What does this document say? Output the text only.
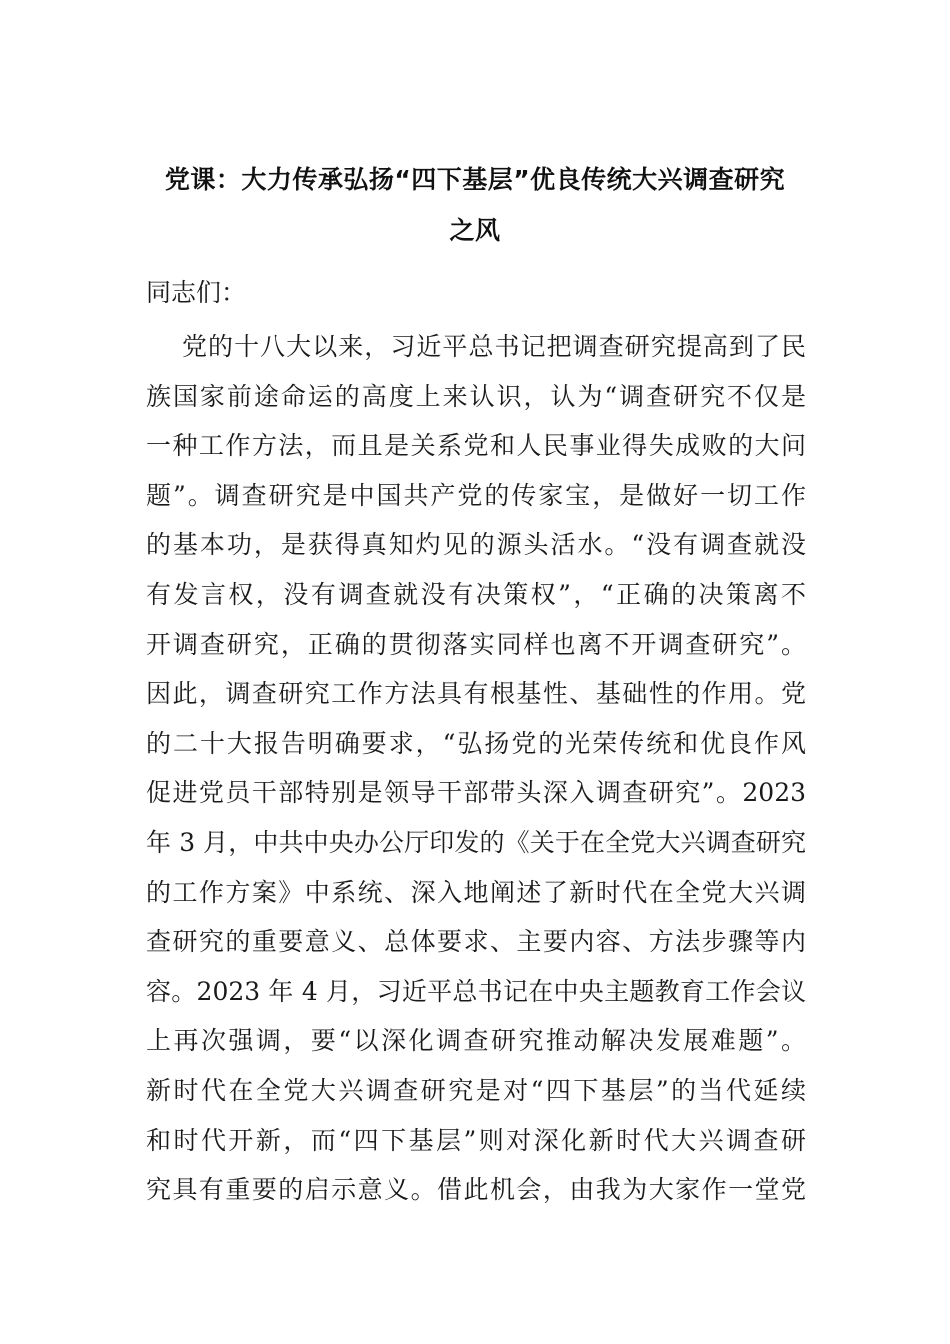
党课：大力传承弘扬“四下基层”优良传统大兴调查研究
之风
同志们：
党的十八大以来，习近平总书记把调查研究提高到了民
族国家前途命运的高度上来认识，认为“调查研究不仅是
一种工作方法，而且是关系党和人民事业得失成败的大问
题”。调查研究是中国共产党的传家宝，是做好一切工作
的基本功，是获得真知灼见的源头活水。“没有调查就没
有发言权，没有调查就没有决策权”，“正确的决策离不
开调查研究，正确的贯彻落实同样也离不开调查研究”。
因此，调查研究工作方法具有根基性、基础性的作用。党
的二十大报告明确要求，“弘扬党的光荣传统和优良作风
促进党员干部特别是领导干部带头深入调查研究”。2023
年 3 月，中共中央办公厅印发的《关于在全党大兴调查研究
的工作方案》中系统、深入地阐述了新时代在全党大兴调
查研究的重要意义、总体要求、主要内容、方法步骤等内
容。2023 年 4 月，习近平总书记在中央主题教育工作会议
上再次强调，要“以深化调查研究推动解决发展难题”。
新时代在全党大兴调查研究是对“四下基层”的当代延续
和时代开新，而“四下基层”则对深化新时代大兴调查研
究具有重要的启示意义。借此机会，由我为大家作一堂党
